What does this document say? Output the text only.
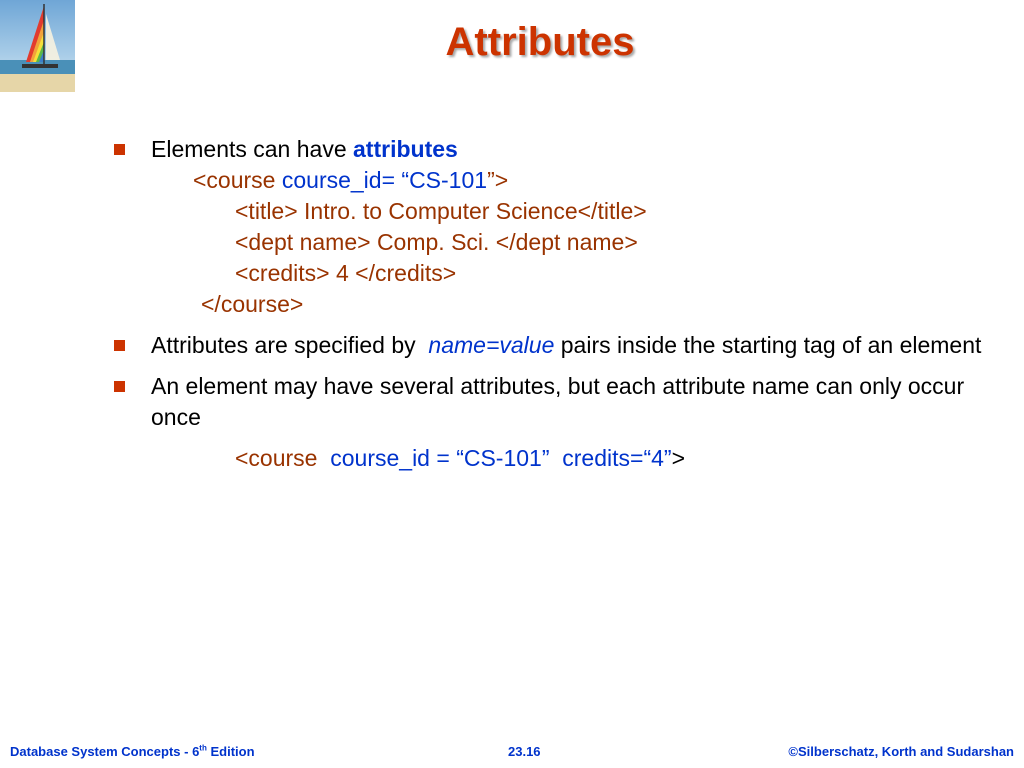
Attributes
Elements can have attributes
<course course_id= “CS-101”>
<title> Intro. to Computer Science</title>
<dept name> Comp. Sci. </dept name>
<credits> 4 </credits>
</course>
Attributes are specified by  name=value pairs inside the starting tag of an element
An element may have several attributes, but each attribute name can only occur once
<course  course_id = “CS-101”  credits=“4”>
Database System Concepts - 6th Edition	23.16	©Silberschatz, Korth and Sudarshan
